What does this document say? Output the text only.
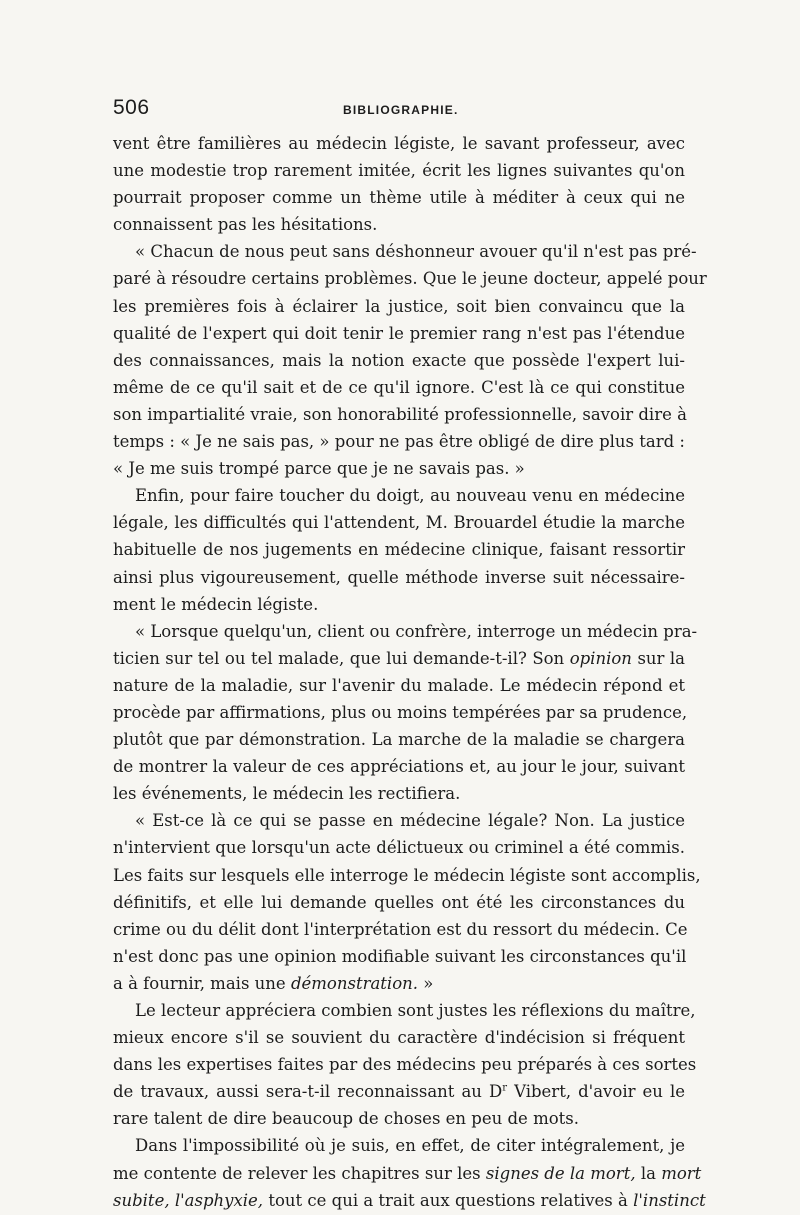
506	BIBLIOGRAPHIE.
vent être familières au médecin légiste, le savant professeur, avec
une modestie trop rarement imitée, écrit les lignes suivantes qu'on
pourrait proposer comme un thème utile à méditer à ceux qui ne
connaissent pas les hésitations.
« Chacun de nous peut sans déshonneur avouer qu'il n'est pas pré-
paré à résoudre certains problèmes. Que le jeune docteur, appelé pour
les premières fois à éclairer la justice, soit bien convaincu que la
qualité de l'expert qui doit tenir le premier rang n'est pas l'étendue
des connaissances, mais la notion exacte que possède l'expert lui-
même de ce qu'il sait et de ce qu'il ignore. C'est là ce qui constitue
son impartialité vraie, son honorabilité professionnelle, savoir dire à
temps : « Je ne sais pas, » pour ne pas être obligé de dire plus tard :
« Je me suis trompé parce que je ne savais pas. »
Enfin, pour faire toucher du doigt, au nouveau venu en médecine
légale, les difficultés qui l'attendent, M. Brouardel étudie la marche
habituelle de nos jugements en médecine clinique, faisant ressortir
ainsi plus vigoureusement, quelle méthode inverse suit nécessaire-
ment le médecin légiste.
« Lorsque quelqu'un, client ou confrère, interroge un médecin pra-
ticien sur tel ou tel malade, que lui demande-t-il? Son opinion sur la
nature de la maladie, sur l'avenir du malade. Le médecin répond et
procède par affirmations, plus ou moins tempérées par sa prudence,
plutôt que par démonstration. La marche de la maladie se chargera
de montrer la valeur de ces appréciations et, au jour le jour, suivant
les événements, le médecin les rectifiera.
« Est-ce là ce qui se passe en médecine légale? Non. La justice
n'intervient que lorsqu'un acte délictueux ou criminel a été commis.
Les faits sur lesquels elle interroge le médecin légiste sont accomplis,
définitifs, et elle lui demande quelles ont été les circonstances du
crime ou du délit dont l'interprétation est du ressort du médecin. Ce
n'est donc pas une opinion modifiable suivant les circonstances qu'il
a à fournir, mais une démonstration. »
Le lecteur appréciera combien sont justes les réflexions du maître,
mieux encore s'il se souvient du caractère d'indécision si fréquent
dans les expertises faites par des médecins peu préparés à ces sortes
de travaux, aussi sera-t-il reconnaissant au $D^r$ Vibert, d'avoir eu le
rare talent de dire beaucoup de choses en peu de mots.
Dans l'impossibilité où je suis, en effet, de citer intégralement, je
me contente de relever les chapitres sur les signes de la mort, la mort
subite, l'asphyxie, tout ce qui a trait aux questions relatives à l'instinct
